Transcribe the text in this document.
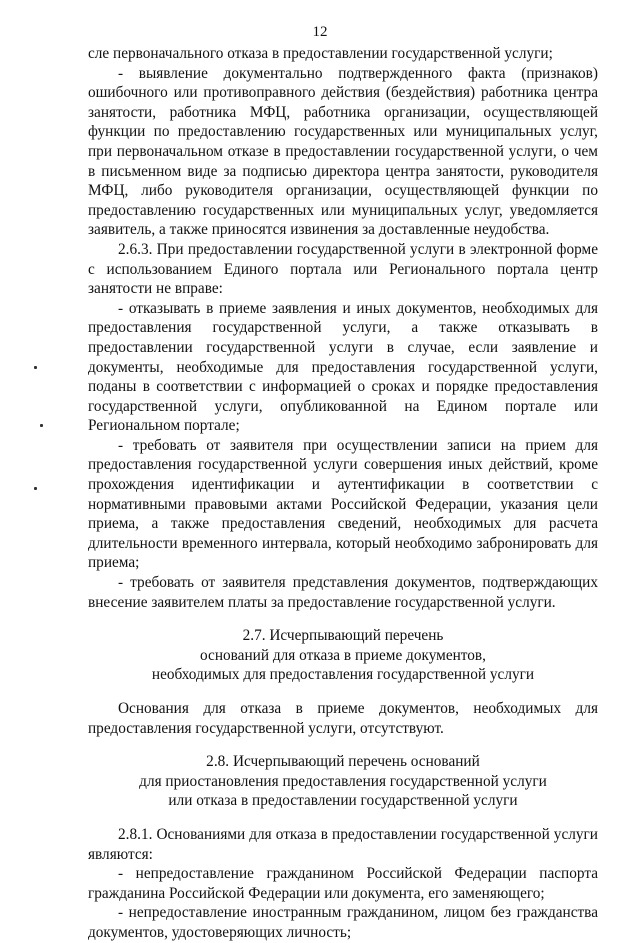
12

сле первоначального отказа в предоставлении государственной услуги;

- выявление документально подтвержденного факта (признаков) ошибочного или противоправного действия (бездействия) работника центра занятости, работника МФЦ, работника организации, осуществляющей функции по предоставлению государственных или муниципальных услуг, при первоначальном отказе в предоставлении государственной услуги, о чем в письменном виде за подписью директора центра занятости, руководителя МФЦ, либо руководителя организации, осуществляющей функции по предоставлению государственных или муниципальных услуг, уведомляется заявитель, а также приносятся извинения за доставленные неудобства.

2.6.3. При предоставлении государственной услуги в электронной форме с использованием Единого портала или Регионального портала центр занятости не вправе:

- отказывать в приеме заявления и иных документов, необходимых для предоставления государственной услуги, а также отказывать в предоставлении государственной услуги в случае, если заявление и документы, необходимые для предоставления государственной услуги, поданы в соответствии с информацией о сроках и порядке предоставления государственной услуги, опубликованной на Едином портале или Региональном портале;

- требовать от заявителя при осуществлении записи на прием для предоставления государственной услуги совершения иных действий, кроме прохождения идентификации и аутентификации в соответствии с нормативными правовыми актами Российской Федерации, указания цели приема, а также предоставления сведений, необходимых для расчета длительности временного интервала, который необходимо забронировать для приема;

- требовать от заявителя представления документов, подтверждающих внесение заявителем платы за предоставление государственной услуги.

2.7. Исчерпывающий перечень
оснований для отказа в приеме документов,
необходимых для предоставления государственной услуги

Основания для отказа в приеме документов, необходимых для предоставления государственной услуги, отсутствуют.

2.8. Исчерпывающий перечень оснований
для приостановления предоставления государственной услуги
или отказа в предоставлении государственной услуги

2.8.1. Основаниями для отказа в предоставлении государственной услуги являются:

- непредоставление гражданином Российской Федерации паспорта гражданина Российской Федерации или документа, его заменяющего;

- непредоставление иностранным гражданином, лицом без гражданства документов, удостоверяющих личность;
